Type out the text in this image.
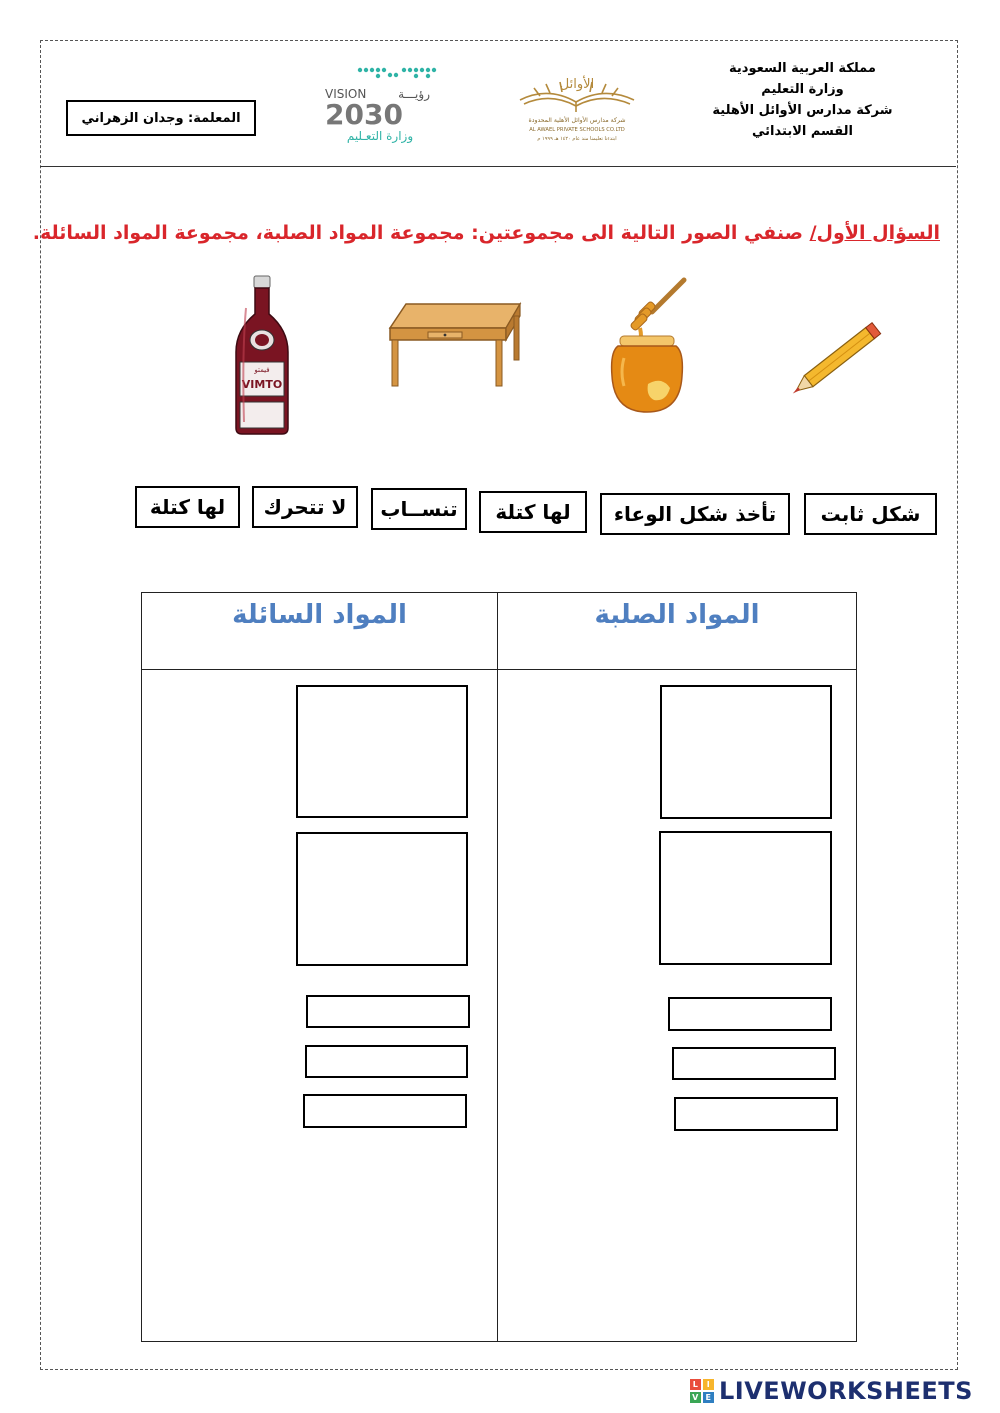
مملكة العربية السعودية
وزارة التعليم
شركة مدارس الأوائل الأهلية
القسم الابتدائي
الأوائل
شركة مدارس الأوائل الأهلية المحدودة
AL AWAEL PRIVATE SCHOOLS CO.LTD
ابتدءنا تعليمنا منذ عام ١٤٢٠ هـ ١٩٩٩ م
VISION	رؤيـــة
2030
وزارة التعـليم
المعلمة: وجدان الزهراني
السؤال الأول/ صنفي الصور التالية الى مجموعتين: مجموعة المواد الصلبة، مجموعة المواد السائلة.
فيمتو
VIMTO
شكل ثابت
تأخذ شكل الوعاء
لها كتلة
تنســاب
لا تتحرك
لها كتلة
المواد الصلبة
المواد السائلة
L	I
V E LIVEWORKSHEETS
